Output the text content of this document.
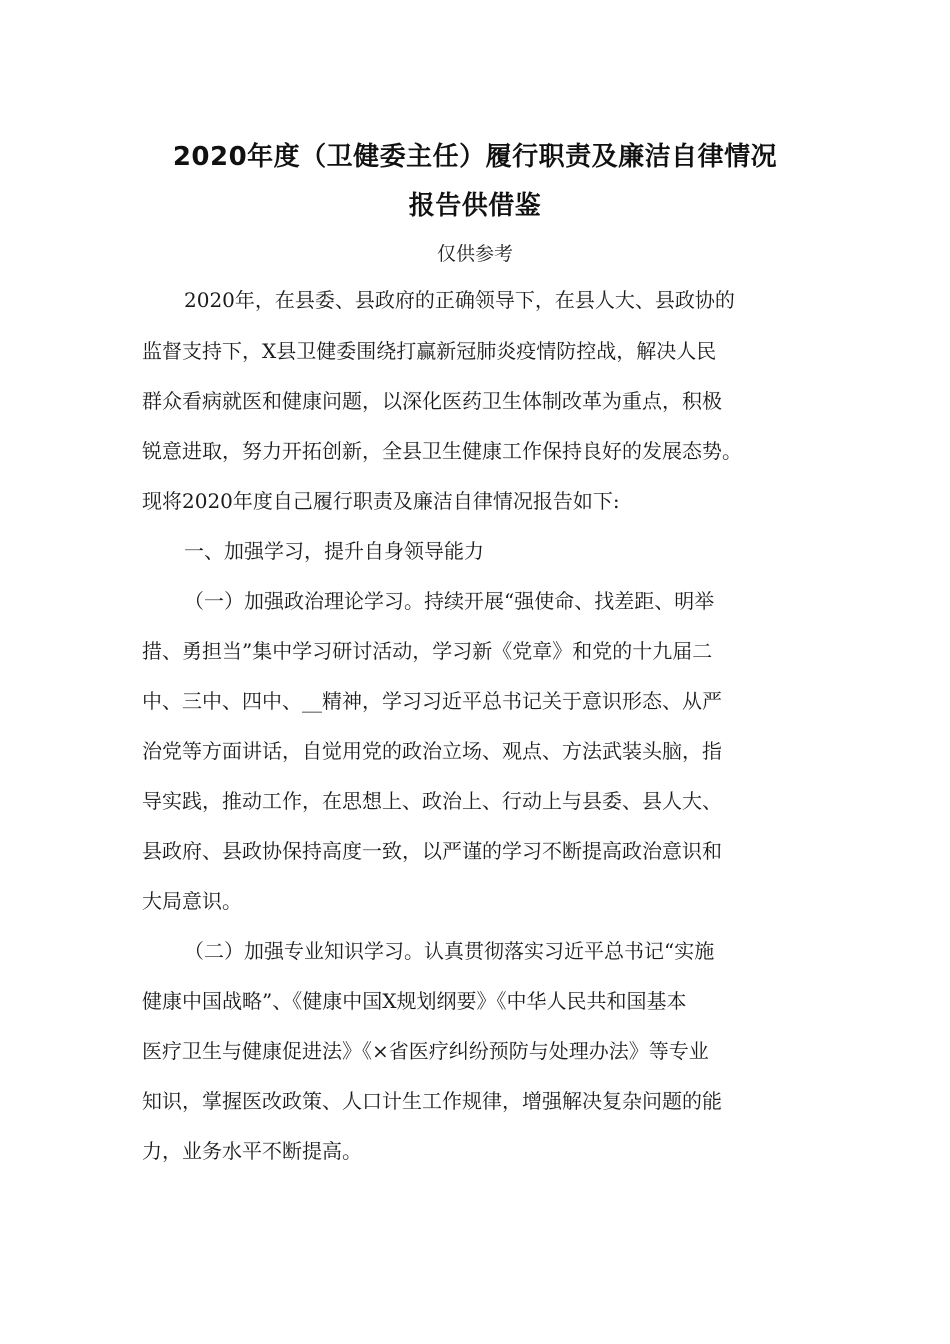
2020年度（卫健委主任）履行职责及廉洁自律情况
报告供借鉴
仅供参考
2020年，在县委、县政府的正确领导下，在县人大、县政协的
监督支持下，X县卫健委围绕打赢新冠肺炎疫情防控战，解决人民
群众看病就医和健康问题，以深化医药卫生体制改革为重点，积极
锐意进取，努力开拓创新，全县卫生健康工作保持良好的发展态势。
现将2020年度自己履行职责及廉洁自律情况报告如下:
一、加强学习，提升自身领导能力
（一）加强政治理论学习。持续开展“强使命、找差距、明举
措、勇担当”集中学习研讨活动，学习新《党章》和党的十九届二
中、三中、四中、__精神，学习习近平总书记关于意识形态、从严
治党等方面讲话，自觉用党的政治立场、观点、方法武装头脑，指
导实践，推动工作，在思想上、政治上、行动上与县委、县人大、
县政府、县政协保持高度一致，以严谨的学习不断提高政治意识和
大局意识。
（二）加强专业知识学习。认真贯彻落实习近平总书记“实施
健康中国战略”、《健康中国X规划纲要》《中华人民共和国基本
医疗卫生与健康促进法》《×省医疗纠纷预防与处理办法》等专业
知识，掌握医改政策、人口计生工作规律，增强解决复杂问题的能
力，业务水平不断提高。
